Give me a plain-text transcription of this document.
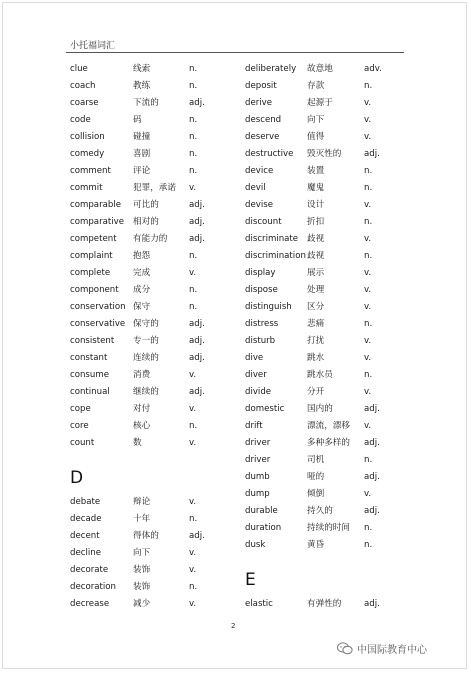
小托福词汇
clue	线索	n.
coach	教练	n.
coarse	下流的	adj.
code	码	n.
collision	碰撞	n.
comedy	喜剧	n.
comment	评论	n.
commit	犯罪，承诺 v.
comparable 可比的	adj.
comparative 相对的	adj.
competent 有能力的	adj.
complaint 抱怨	n.
complete	完成	v.
component 成分	n.
conservation 保守	n.
conservative 保守的	adj.
consistent 专一的	adj.
constant	连续的	adj.
consume	消费	v.
continual	继续的	adj.
cope	对付	v.
core	核心	n.
count	数	v.
D
debate	辩论	v.
decade	十年	n.
decent	得体的	adj.
decline	向下	v.
decorate	装饰	v.
decoration 装饰	n.
decrease	减少	v.
deliberately 故意地	adv.
deposit	存款	n.
derive	起源于	v.
descend	向下	v.
deserve	值得	v.
destructive 毁灭性的	adj.
device	装置	n.
devil	魔鬼	n.
devise	设计	v.
discount	折扣	n.
discriminate 歧视	v.
discrimination 歧视	n.
display	展示	v.
dispose	处理	v.
distinguish 区分	v.
distress	悲痛	n.
disturb	打扰	v.
dive	跳水	v.
diver	跳水员	n.
divide	分开	v.
domestic	国内的	adj.
drift	漂流，漂移 v.
driver	多种多样的 adj.
driver	司机	n.
dumb	哑的	adj.
dump	倾倒	v.
durable	持久的	adj.
duration	持续的时间 n.
dusk	黄昏	n.
E
elastic	有弹性的	adj.
2
中国际教育中心
